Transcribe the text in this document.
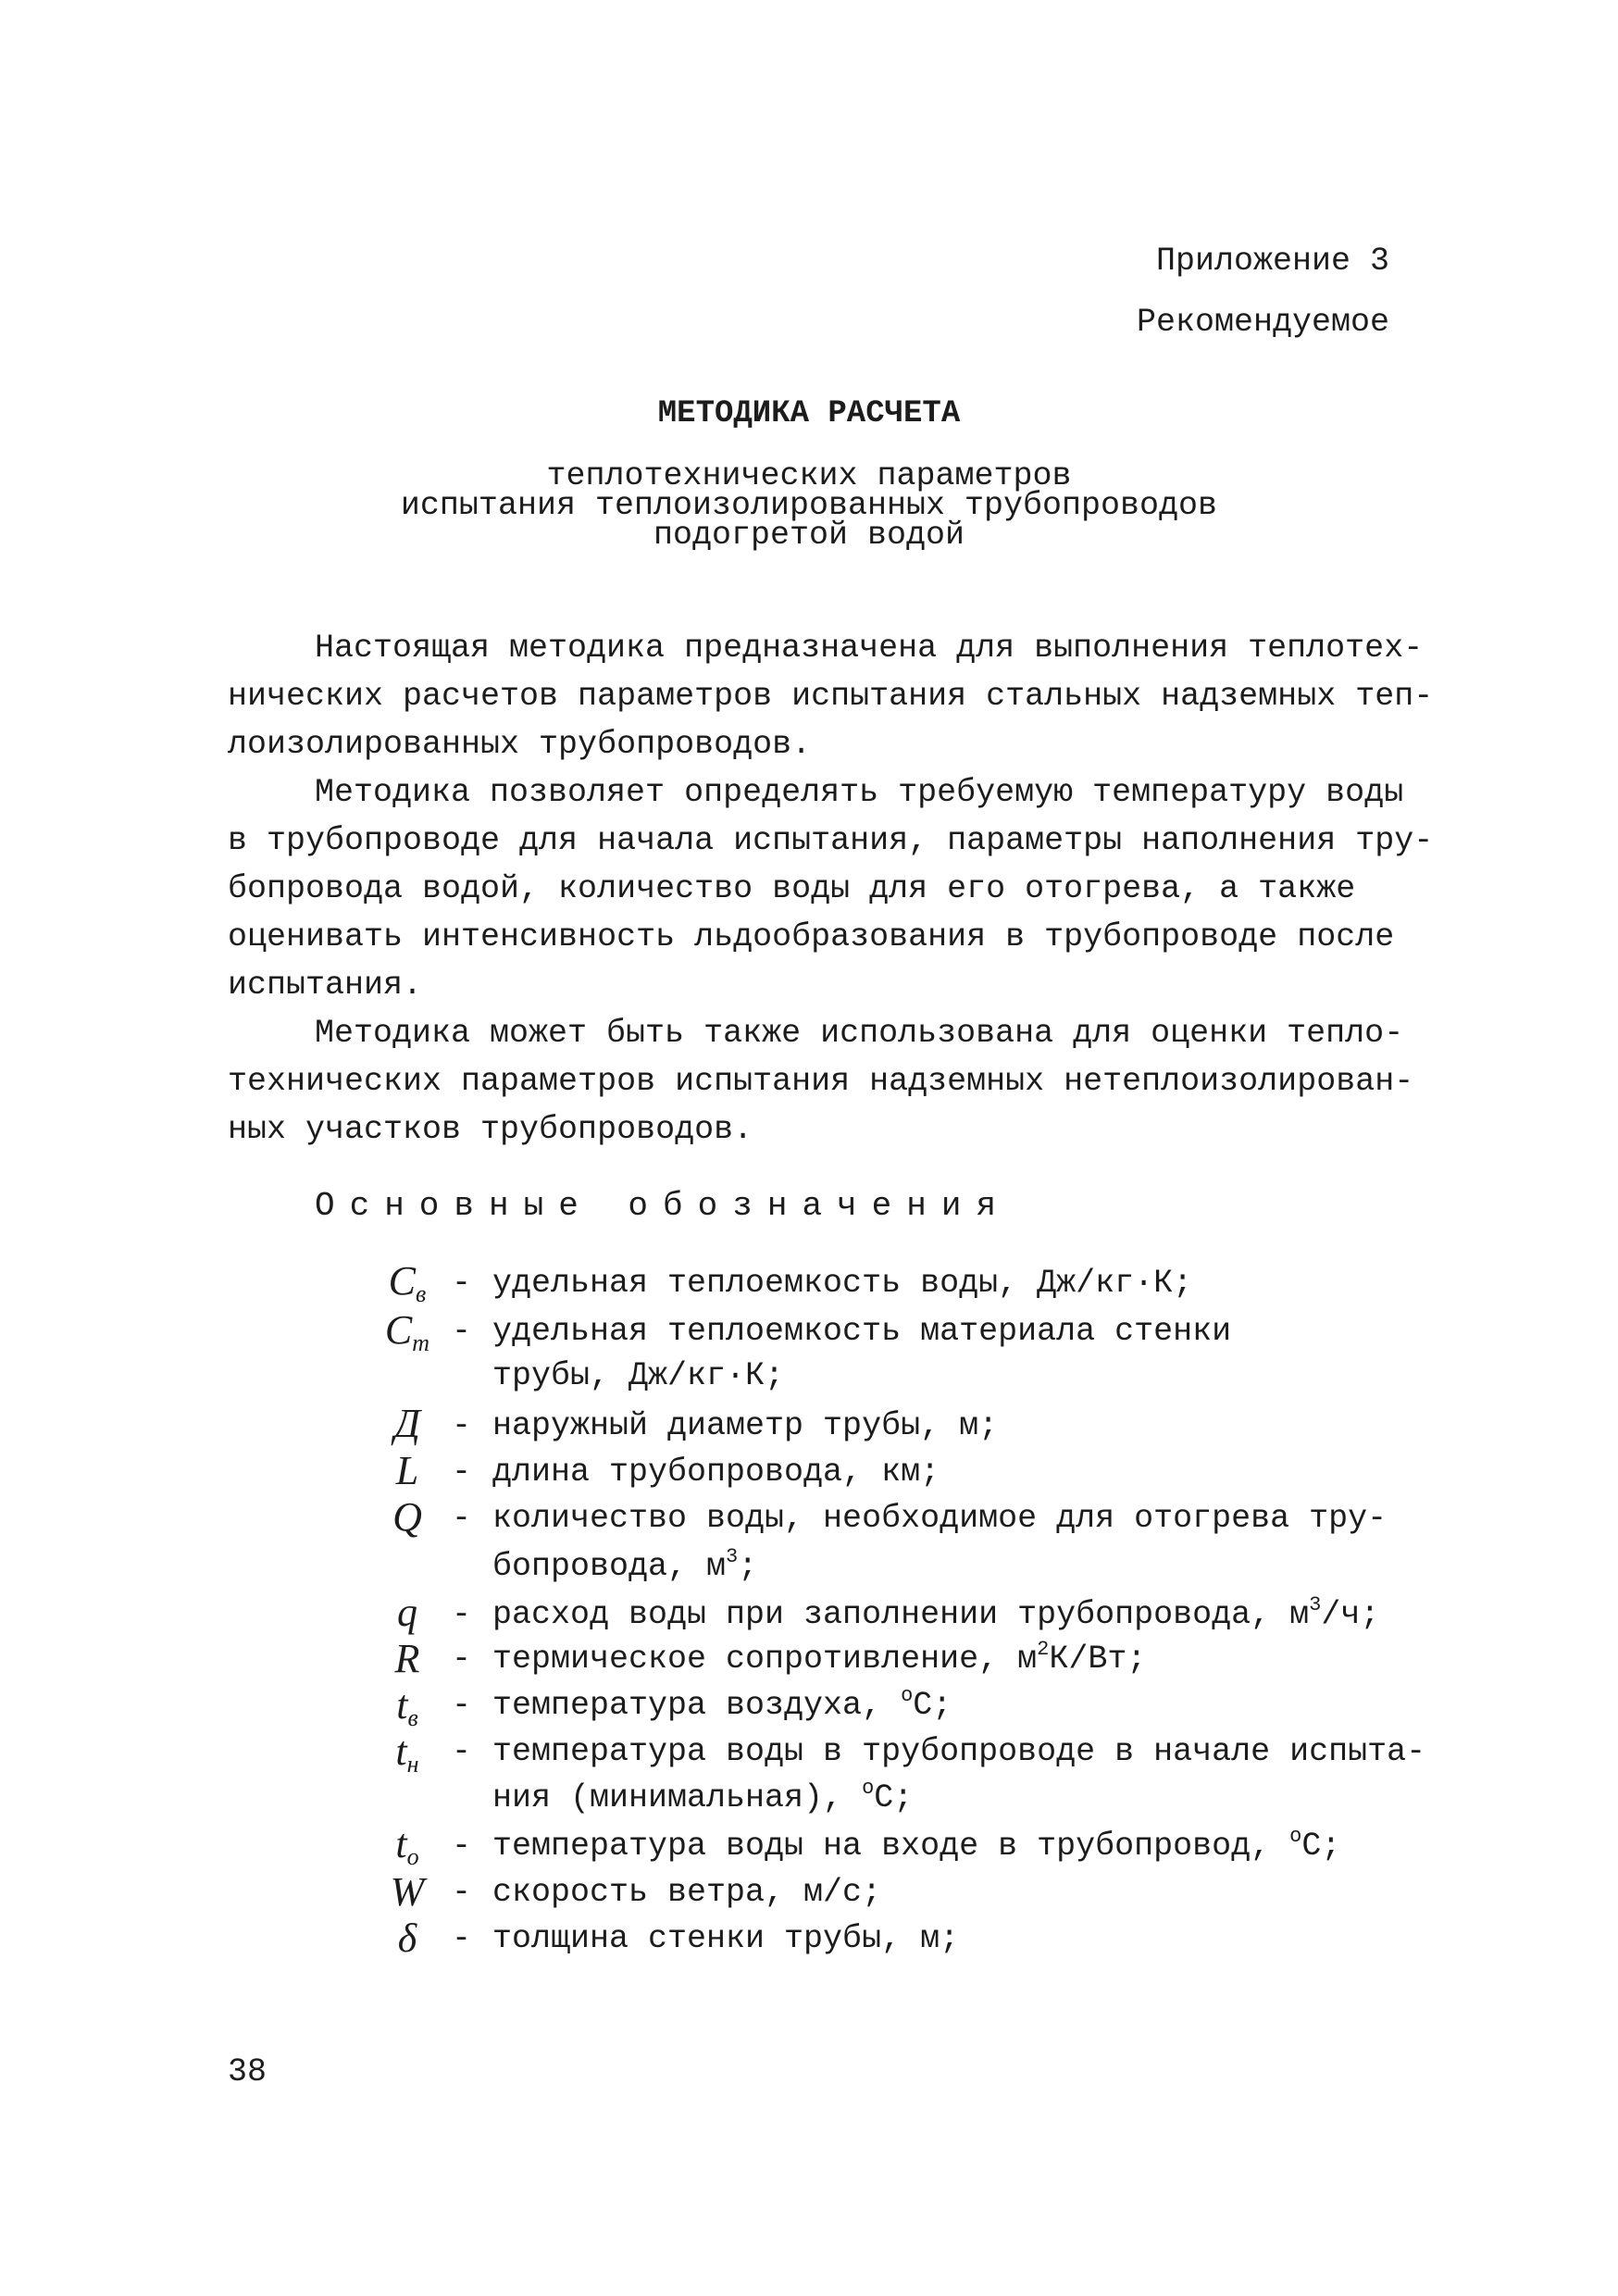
Приложение 3
Рекомендуемое
МЕТОДИКА РАСЧЕТА
теплотехнических параметров
испытания теплоизолированных трубопроводов
подогретой водой
Настоящая методика предназначена для выполнения теплотех-
нических расчетов параметров испытания стальных надземных теп-
лоизолированных трубопроводов.
Методика позволяет определять требуемую температуру воды
в трубопроводе для начала испытания, параметры наполнения тру-
бопровода водой, количество воды для его отогрева, а также
оценивать интенсивность льдообразования в трубопроводе после
испытания.
Методика может быть также использована для оценки тепло-
технических параметров испытания надземных нетеплоизолирован-
ных участков трубопроводов.
Основные обозначения
$C_в$ - удельная теплоемкость воды, Дж/кг·К;
$C_т$ - удельная теплоемкость материала стенки
трубы, Дж/кг·К;
Д - наружный диаметр трубы, м;
L	- длина трубопровода, км;
Q - количество воды, необходимое для отогрева тру-
бопровода, $м^3$;
q	- расход воды при заполнении трубопровода, $м^3/ч$;
R - термическое сопротивление, $м^2К/Вт$;
$t_в$	- температура воздуха, $^о$С;
$t_н$	- температура воды в трубопроводе в начале испыта-
ния (минимальная), $^о$С;
$t_о$	- температура воды на входе в трубопровод, $^о$С;
W - скорость ветра, м/с;
δ	- толщина стенки трубы, м;
38
